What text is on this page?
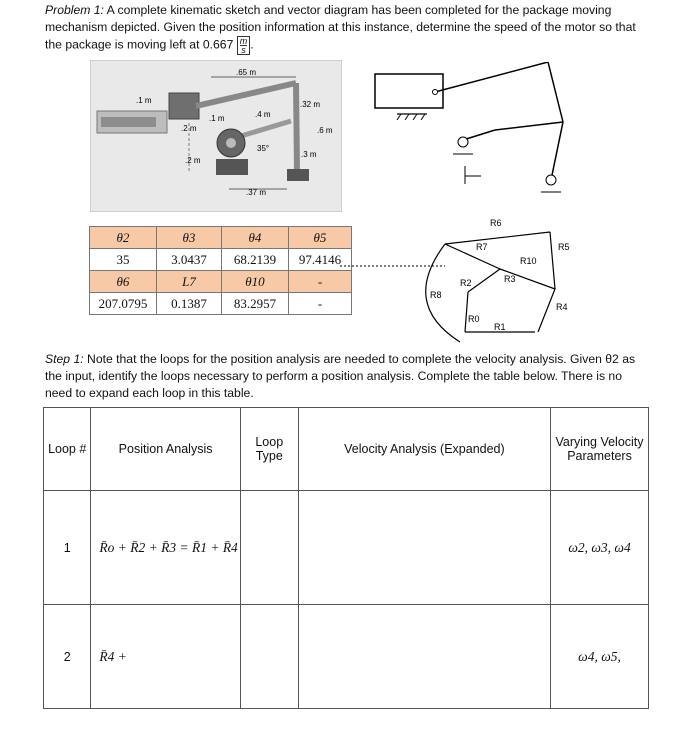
Problem 1: A complete kinematic sketch and vector diagram has been completed for the package moving mechanism depicted. Given the position information at this instance, determine the speed of the motor so that the package is moving left at $0.667 \frac{m}{s}$ .
.65 m
.1 m
.2 m
.1 m	.4 m
.32 m
.6 m
.3 m
35°
.2 m
.37 m
R6
R7	R5
R10
R3
R2
R8
R0
R1
R4
θ2	θ3	θ4	θ5
35	3.0437	68.2139	97.4146
θ6	L7	θ10	-
207.0795	0.1387	83.2957	-
Step 1: Note that the loops for the position analysis are needed to complete the velocity analysis. Given θ2 as the input, identify the loops necessary to perform a position analysis. Complete the table below. There is no need to expand each loop in this table.
Loop #	Position Analysis	Loop Type	Velocity Analysis (Expanded)	Varying Velocity Parameters
1	R̄o + R̄2 + R̄3 = R̄1 + R̄4			ω2, ω3, ω4
2	R̄4 +			ω4, ω5,
